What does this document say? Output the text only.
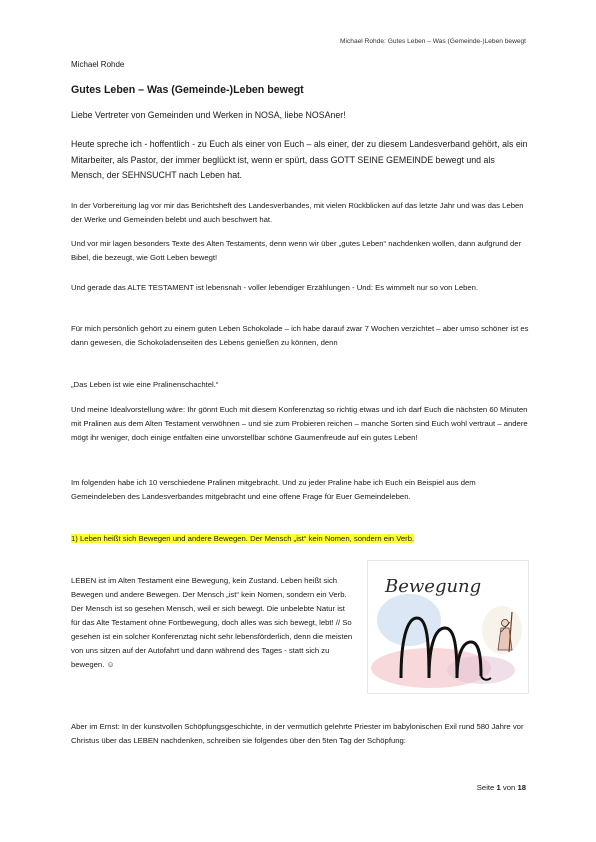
Michael Rohde: Gutes Leben – Was (Gemeinde-)Leben bewegt
Michael Rohde
Gutes Leben – Was (Gemeinde-)Leben bewegt

Liebe Vertreter von Gemeinden und Werken in NOSA, liebe NOSAner!

Heute spreche ich - hoffentlich - zu Euch als einer von Euch – als einer, der zu diesem Landesverband gehört, als ein Mitarbeiter, als Pastor, der immer beglückt ist, wenn er spürt, dass GOTT SEINE GEMEINDE bewegt und als Mensch, der SEHNSUCHT nach Leben hat.

In der Vorbereitung lag vor mir das Berichtsheft des Landesverbandes, mit vielen Rückblicken auf das letzte Jahr und was das Leben der Werke und Gemeinden belebt und auch beschwert hat.

Und vor mir lagen besonders Texte des Alten Testaments, denn wenn wir über „gutes Leben“ nachdenken wollen, dann aufgrund der Bibel, die bezeugt, wie Gott Leben bewegt!

Und gerade das ALTE TESTAMENT ist lebensnah - voller lebendiger Erzählungen - Und: Es wimmelt nur so von Leben.

Für mich persönlich gehört zu einem guten Leben Schokolade – ich habe darauf zwar 7 Wochen verzichtet – aber umso schöner ist es dann gewesen, die Schokoladenseiten des Lebens genießen zu können, denn

„Das Leben ist wie eine Pralinenschachtel.“

Und meine Idealvorstellung wäre: Ihr gönnt Euch mit diesem Konferenztag so richtig etwas und ich darf Euch die nächsten 60 Minuten mit Pralinen aus dem Alten Testament verwöhnen – und sie zum Probieren reichen – manche Sorten sind Euch wohl vertraut – andere mögt ihr weniger, doch einige entfalten eine unvorstellbar schöne Gaumenfreude auf ein gutes Leben!

Im folgenden habe ich 10 verschiedene Pralinen mitgebracht. Und zu jeder Praline habe ich Euch ein Beispiel aus dem Gemeindeleben des Landesverbandes mitgebracht und eine offene Frage für Euer Gemeindeleben.

1) Leben heißt sich Bewegen und andere Bewegen. Der Mensch „ist“ kein Nomen, sondern ein Verb.

LEBEN ist im Alten Testament eine Bewegung, kein Zustand. Leben heißt sich Bewegen und andere Bewegen. Der Mensch „ist“ kein Nomen, sondern ein Verb. Der Mensch ist so gesehen Mensch, weil er sich bewegt. Die unbelebte Natur ist für das Alte Testament ohne Fortbewegung, doch alles was sich bewegt, lebt! // So gesehen ist ein solcher Konferenztag nicht sehr lebensförderlich, denn die meisten von uns sitzen auf der Autofahrt und dann während des Tages - statt sich zu bewegen. ☺

Bewegung

Aber im Ernst: In der kunstvollen Schöpfungsgeschichte, in der vermutlich gelehrte Priester im babylonischen Exil rund 580 Jahre vor Christus über das LEBEN nachdenken, schreiben sie folgendes über den 5ten Tag der Schöpfung:

Seite 1 von 18
